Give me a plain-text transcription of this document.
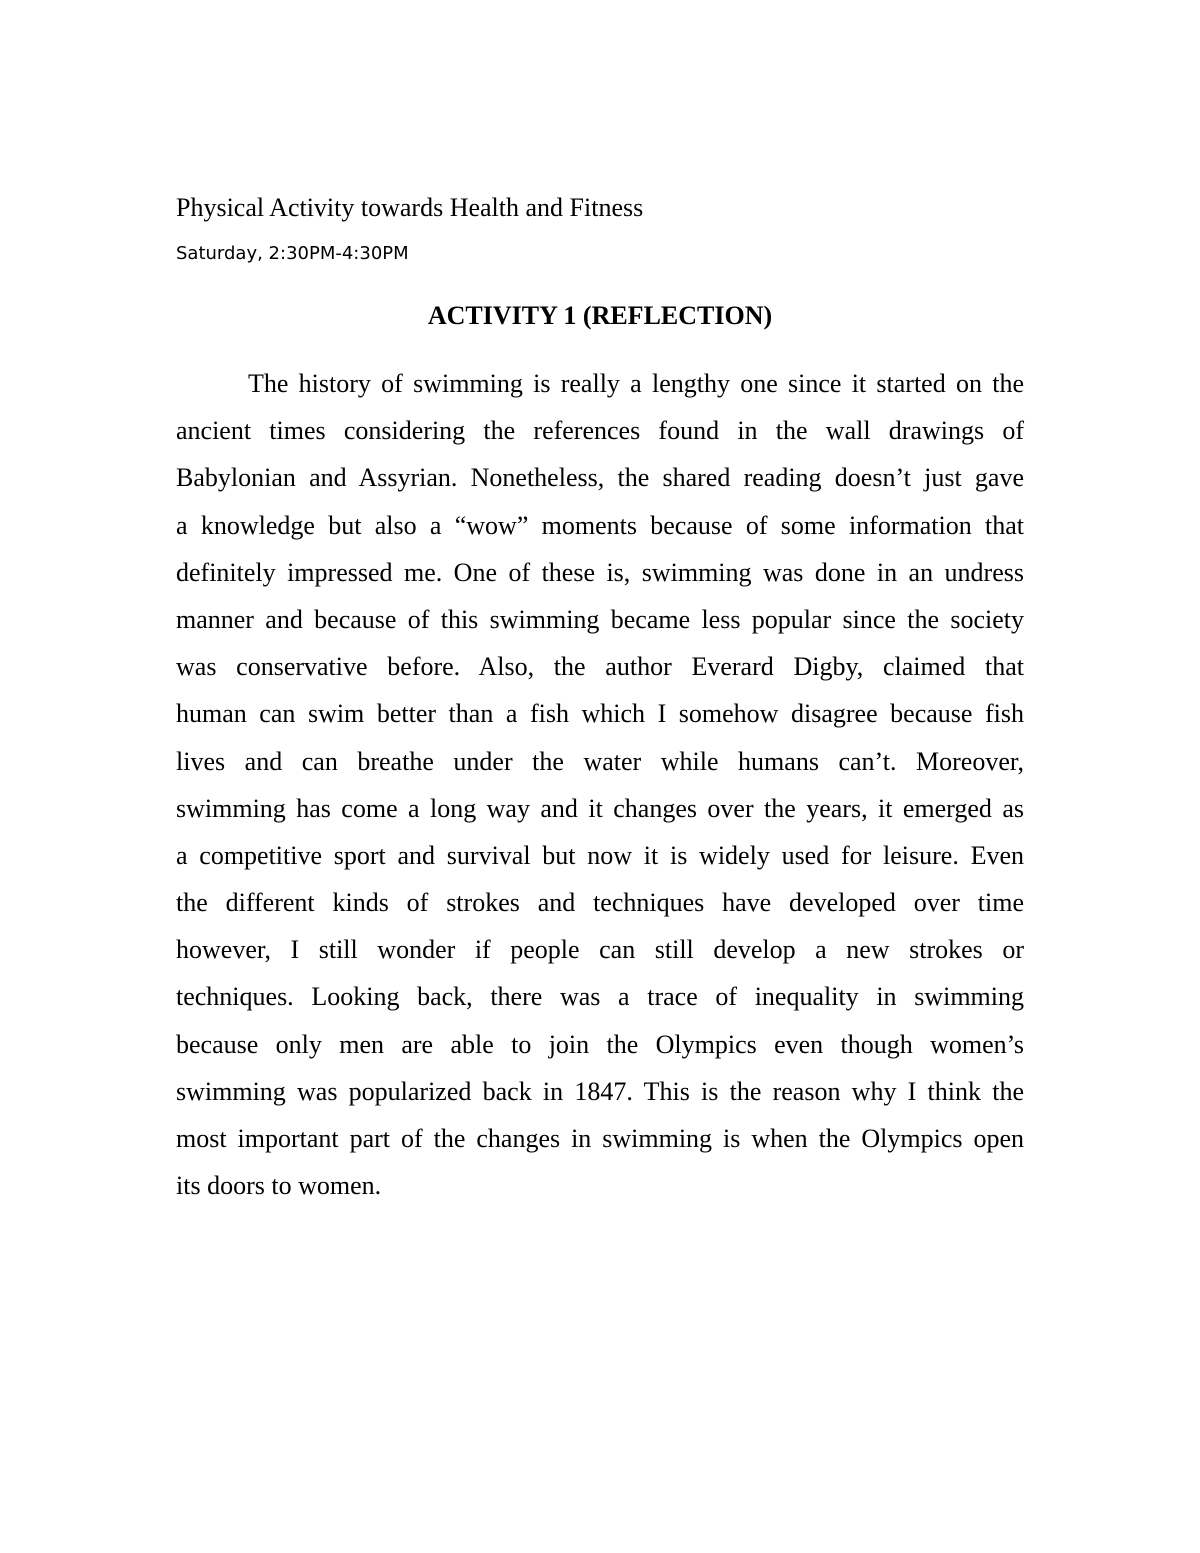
Physical Activity towards Health and Fitness
Saturday, 2:30PM-4:30PM
ACTIVITY 1 (REFLECTION)
The history of swimming is really a lengthy one since it started on the
ancient times considering the references found in the wall drawings of
Babylonian and Assyrian. Nonetheless, the shared reading doesn’t just gave
a knowledge but also a “wow” moments because of some information that
definitely impressed me. One of these is, swimming was done in an undress
manner and because of this swimming became less popular since the society
was conservative before. Also, the author Everard Digby, claimed that
human can swim better than a fish which I somehow disagree because fish
lives and can breathe under the water while humans can’t. Moreover,
swimming has come a long way and it changes over the years, it emerged as
a competitive sport and survival but now it is widely used for leisure. Even
the different kinds of strokes and techniques have developed over time
however, I still wonder if people can still develop a new strokes or
techniques. Looking back, there was a trace of inequality in swimming
because only men are able to join the Olympics even though women’s
swimming was popularized back in 1847. This is the reason why I think the
most important part of the changes in swimming is when the Olympics open
its doors to women.
